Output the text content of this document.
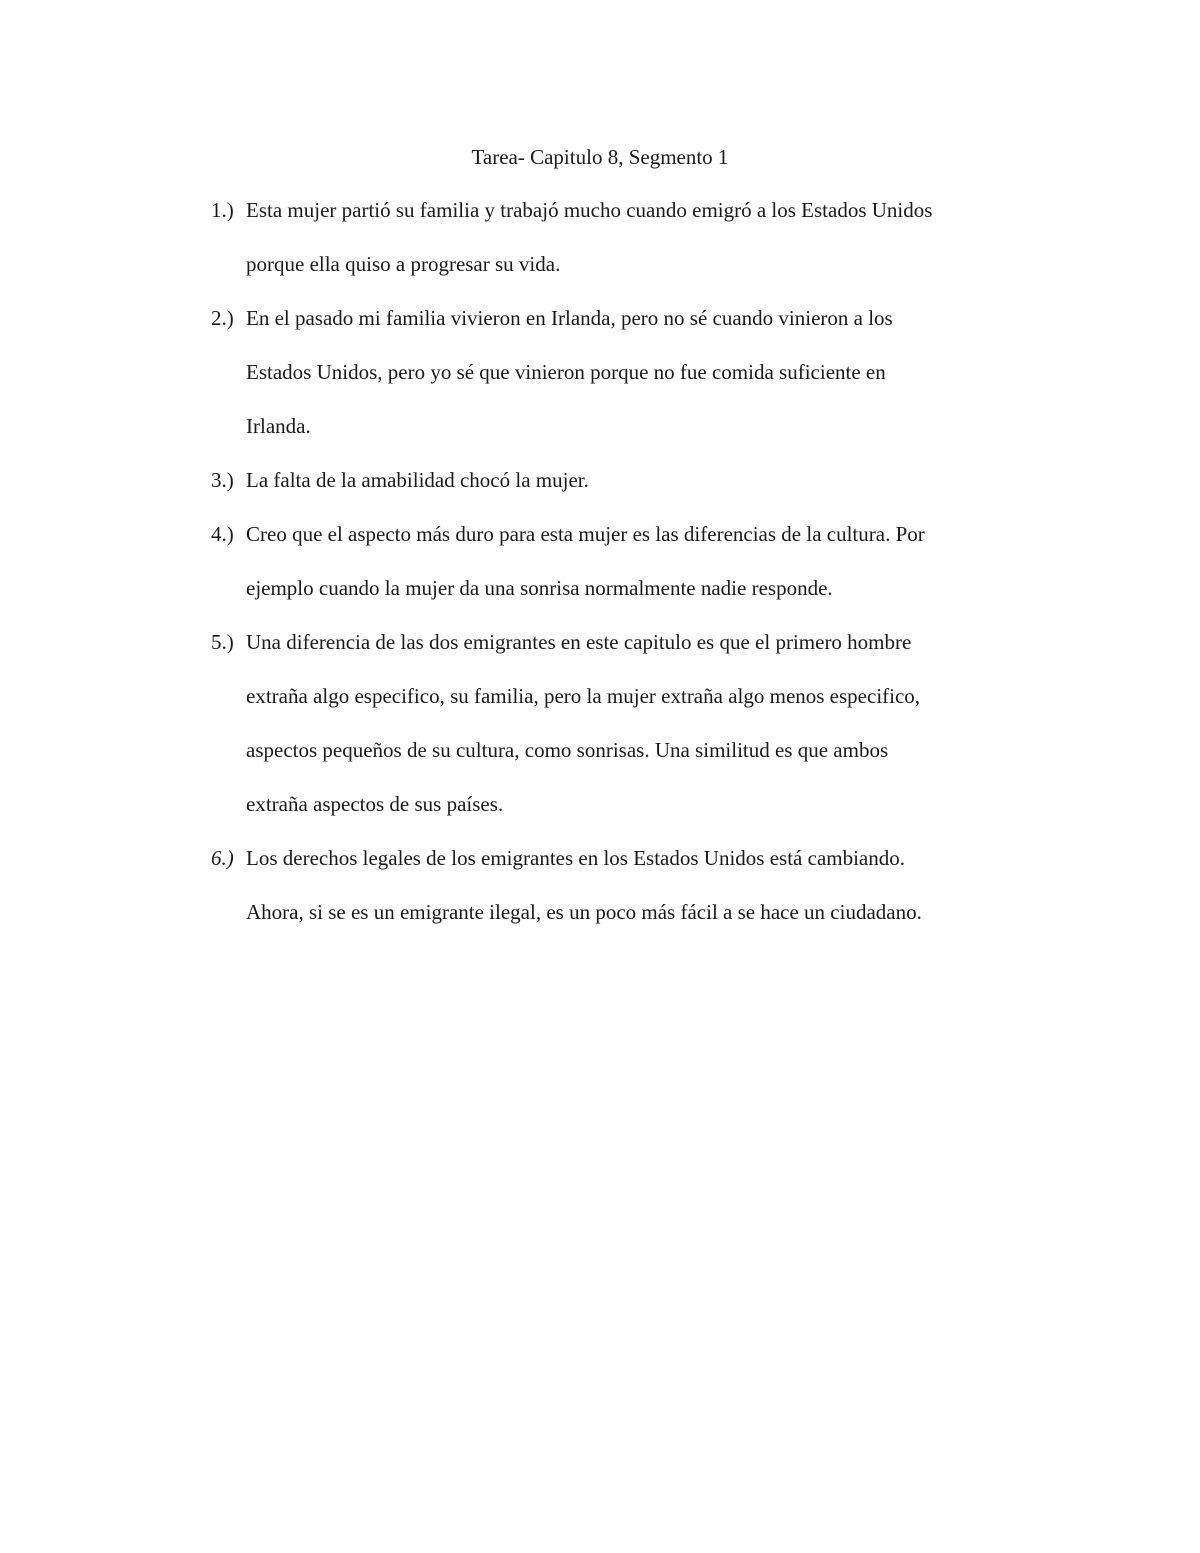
Tarea- Capitulo 8, Segmento 1
1.) Esta mujer partió su familia y trabajó mucho cuando emigró a los Estados Unidos
porque ella quiso a progresar su vida.
2.) En el pasado mi familia vivieron en Irlanda, pero no sé cuando vinieron a los
Estados Unidos, pero yo sé que vinieron porque no fue comida suficiente en
Irlanda.
3.) La falta de la amabilidad chocó la mujer.
4.) Creo que el aspecto más duro para esta mujer es las diferencias de la cultura. Por
ejemplo cuando la mujer da una sonrisa normalmente nadie responde.
5.) Una diferencia de las dos emigrantes en este capitulo es que el primero hombre
extraña algo especifico, su familia, pero la mujer extraña algo menos especifico,
aspectos pequeños de su cultura, como sonrisas. Una similitud es que ambos
extraña aspectos de sus países.
6.) Los derechos legales de los emigrantes en los Estados Unidos está cambiando.
Ahora, si se es un emigrante ilegal, es un poco más fácil a se hace un ciudadano.
